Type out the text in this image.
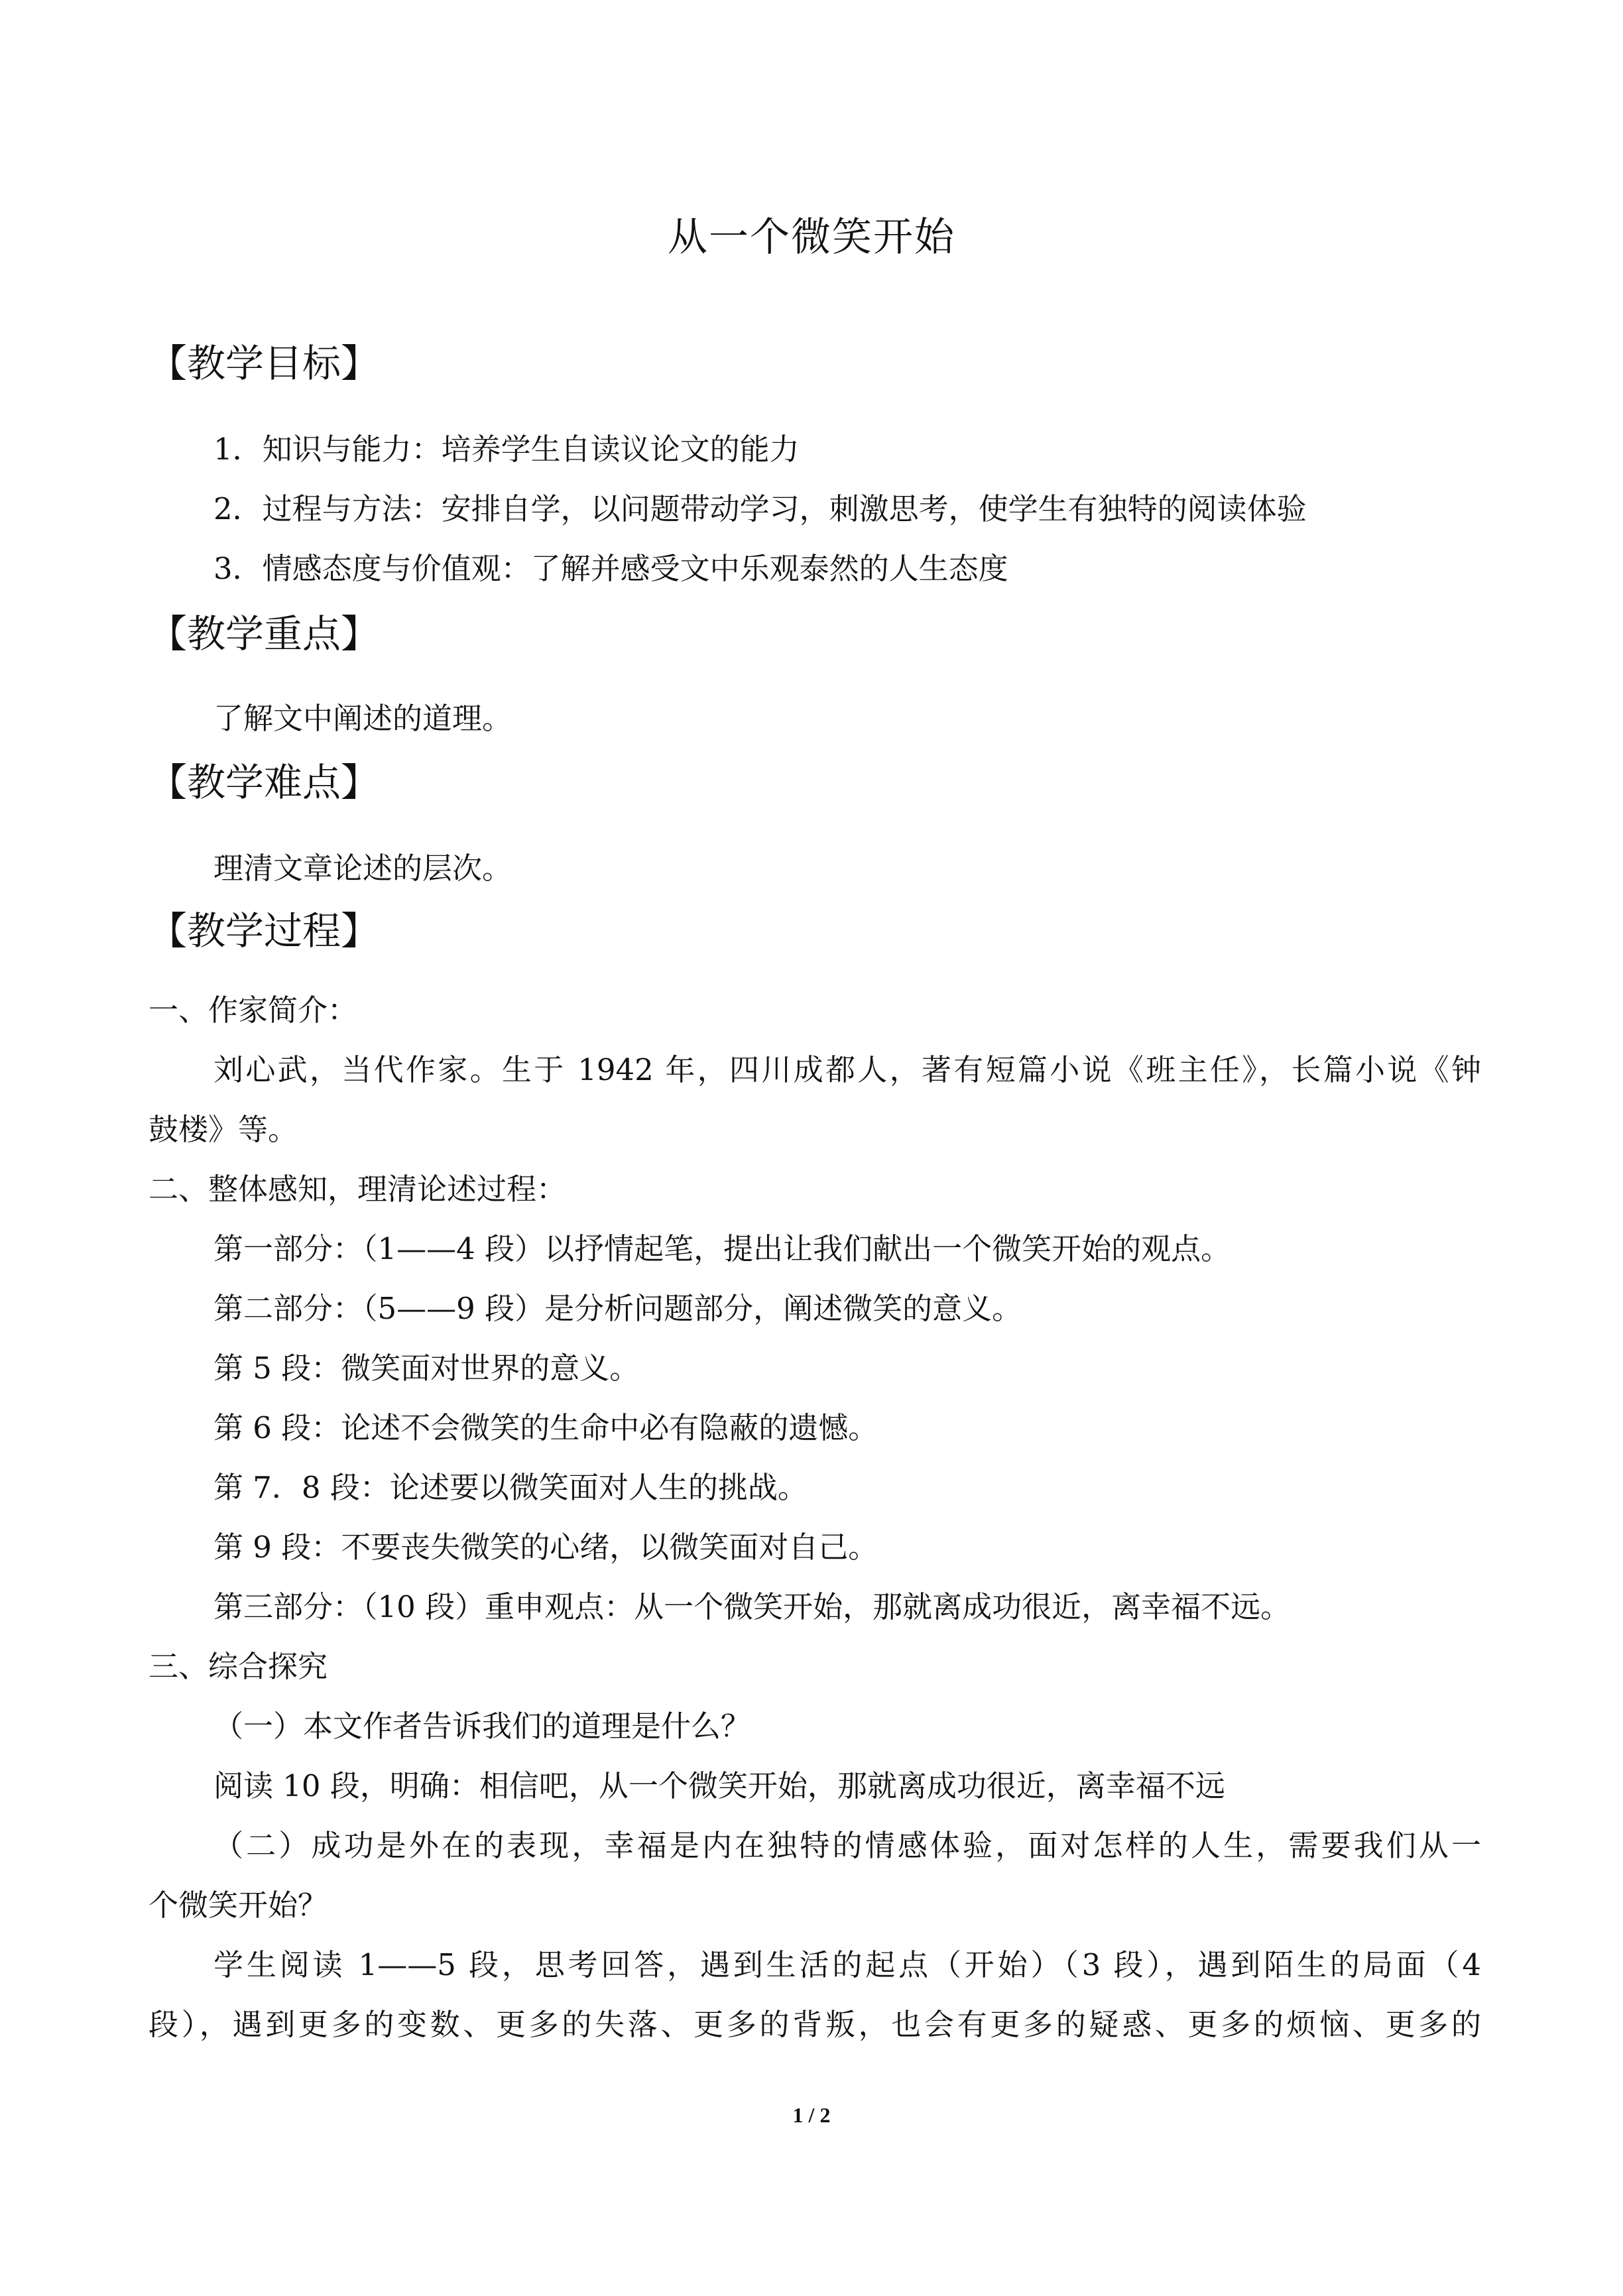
从一个微笑开始
【教学目标】
1．知识与能力：培养学生自读议论文的能力
2．过程与方法：安排自学，以问题带动学习，刺激思考，使学生有独特的阅读体验
3．情感态度与价值观：了解并感受文中乐观泰然的人生态度
【教学重点】
了解文中阐述的道理。
【教学难点】
理清文章论述的层次。
【教学过程】
一、作家简介：
刘心武，当代作家。生于 1942 年，四川成都人，著有短篇小说《班主任》，长篇小说《钟
鼓楼》等。
二、整体感知，理清论述过程：
第一部分：（1——4 段）以抒情起笔，提出让我们献出一个微笑开始的观点。
第二部分：（5——9 段）是分析问题部分，阐述微笑的意义。
第 5 段：微笑面对世界的意义。
第 6 段：论述不会微笑的生命中必有隐蔽的遗憾。
第 7．8 段：论述要以微笑面对人生的挑战。
第 9 段：不要丧失微笑的心绪，以微笑面对自己。
第三部分：（10 段）重申观点：从一个微笑开始，那就离成功很近，离幸福不远。
三、综合探究
（一）本文作者告诉我们的道理是什么？
阅读 10 段，明确：相信吧，从一个微笑开始，那就离成功很近，离幸福不远
（二）成功是外在的表现，幸福是内在独特的情感体验，面对怎样的人生，需要我们从一
个微笑开始？
学生阅读 1——5 段，思考回答，遇到生活的起点（开始）（3 段），遇到陌生的局面（4
段），遇到更多的变数、更多的失落、更多的背叛，也会有更多的疑惑、更多的烦恼、更多的
1 / 2
